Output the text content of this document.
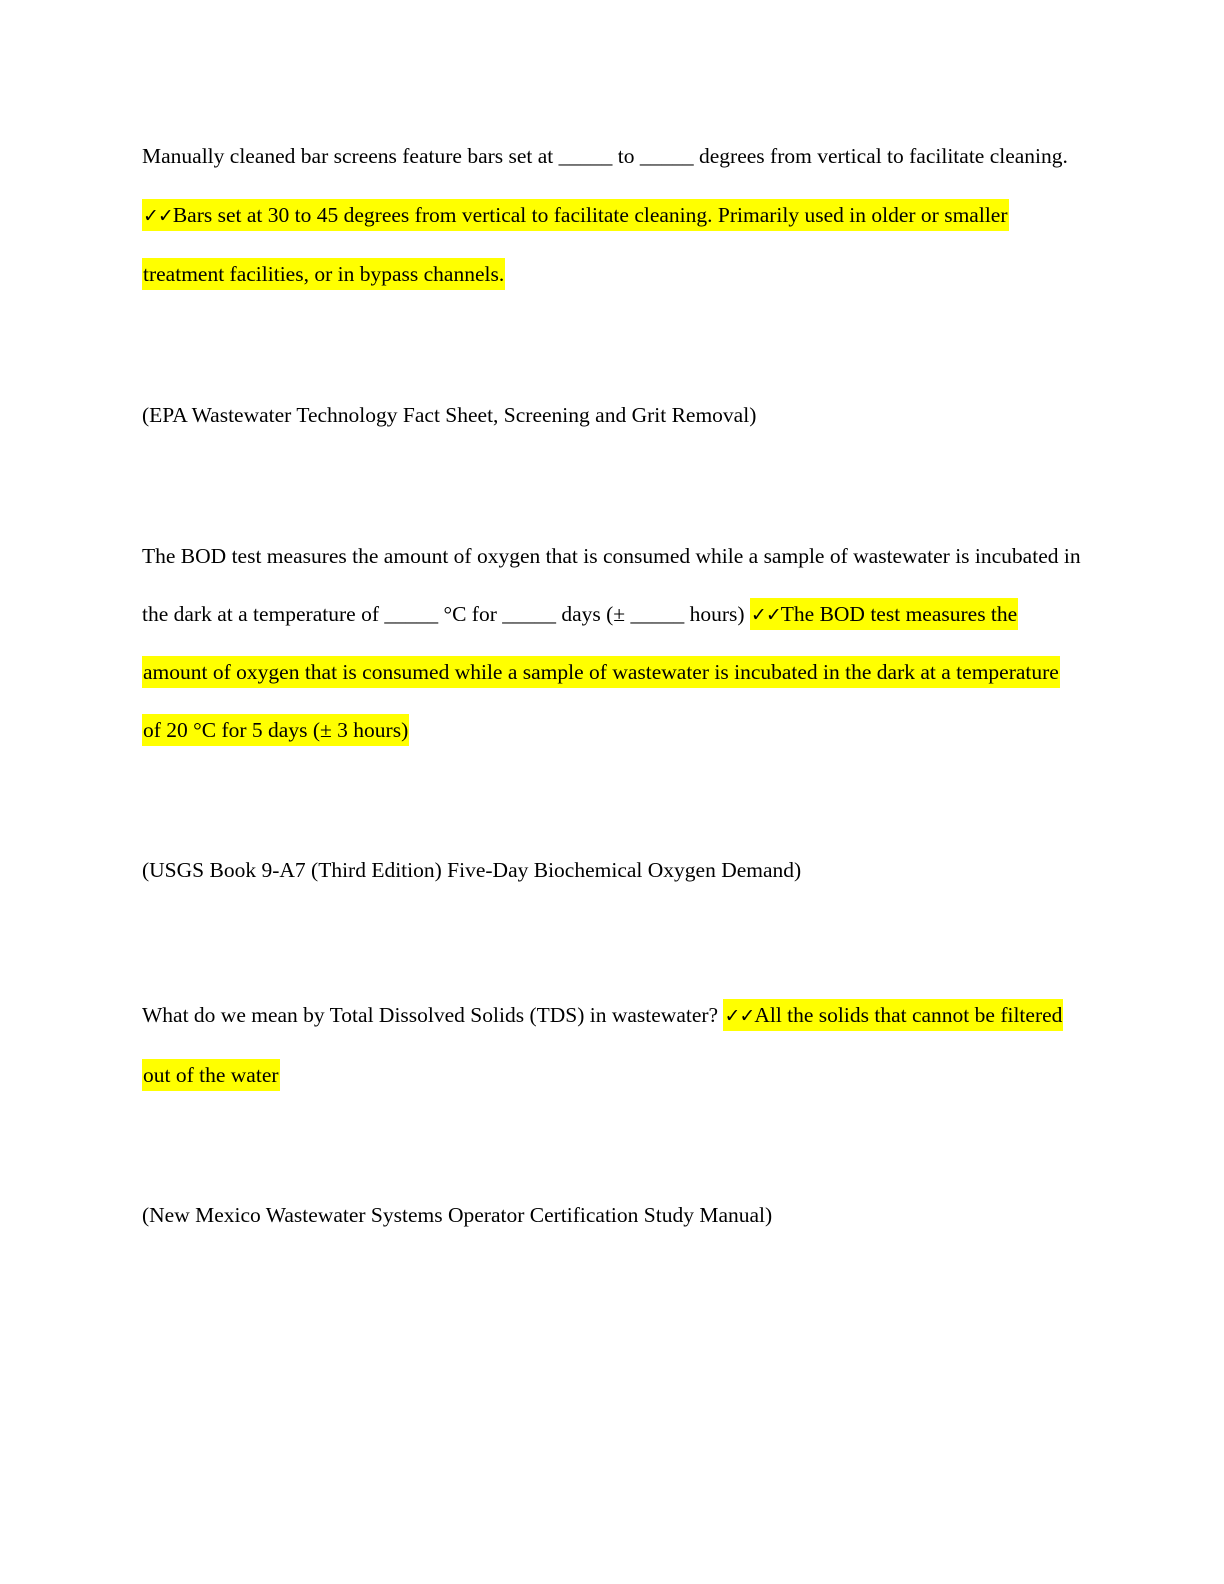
Manually cleaned bar screens feature bars set at _____ to _____ degrees from vertical to facilitate cleaning. ✓✓Bars set at 30 to 45 degrees from vertical to facilitate cleaning. Primarily used in older or smaller treatment facilities, or in bypass channels.

(EPA Wastewater Technology Fact Sheet, Screening and Grit Removal)

The BOD test measures the amount of oxygen that is consumed while a sample of wastewater is incubated in the dark at a temperature of _____ °C for _____ days (± _____ hours) ✓✓The BOD test measures the amount of oxygen that is consumed while a sample of wastewater is incubated in the dark at a temperature of 20 °C for 5 days (± 3 hours)

(USGS Book 9-A7 (Third Edition) Five-Day Biochemical Oxygen Demand)

What do we mean by Total Dissolved Solids (TDS) in wastewater? ✓✓All the solids that cannot be filtered out of the water

(New Mexico Wastewater Systems Operator Certification Study Manual)
